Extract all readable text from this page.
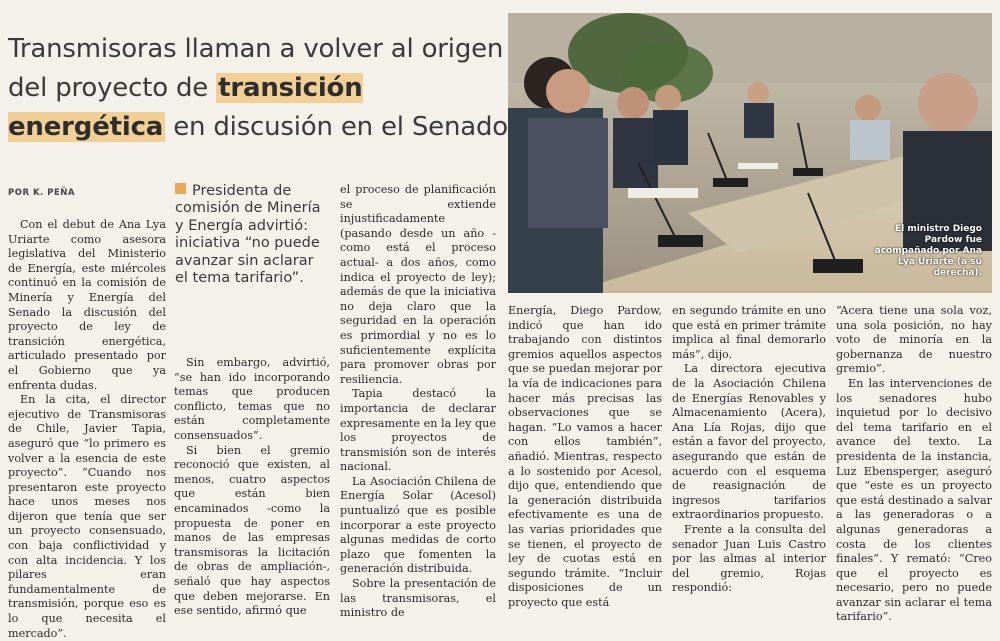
Transmisoras llaman a volver al origen del proyecto de transición energética en discusión en el Senado
El ministro Diego Pardow fue acompañado por Ana Lya Uriarte (a su derecha).
POR K. PEÑA

Con el debut de Ana Lya Uriarte como asesora legislativa del Ministerio de Energía, este miércoles continuó en la comisión de Minería y Energía del Senado la discusión del proyecto de ley de transición energética, articulado presentado por el Gobierno que ya enfrenta dudas.

En la cita, el director ejecutivo de Transmisoras de Chile, Javier Tapia, aseguró que “lo primero es volver a la esencia de este proyecto”. “Cuando nos presentaron este proyecto hace unos meses nos dijeron que tenía que ser un proyecto consensuado, con baja conflictividad y con alta incidencia. Y los pilares eran fundamentalmente de transmisión, porque eso es lo que necesita el mercado”.

Presidenta de comisión de Minería y Energía advirtió: iniciativa “no puede avanzar sin aclarar el tema tarifario”.

Sin embargo, advirtió, “se han ido incorporando temas que producen conflicto, temas que no están completamente consensuados”.

Si bien el gremio reconoció que existen, al menos, cuatro aspectos que están bien encaminados -como la propuesta de poner en manos de las empresas transmisoras la licitación de obras de ampliación-, señaló que hay aspectos que deben mejorarse. En ese sentido, afirmó que

el proceso de planificación se extiende injustificadamente (pasando desde un año -como está el proceso actual- a dos años, como indica el proyecto de ley); además de que la iniciativa no deja claro que la seguridad en la operación es primordial y no es lo suficientemente explícita para promover obras por resiliencia.

Tapia destacó la importancia de declarar expresamente en la ley que los proyectos de transmisión son de interés nacional.

La Asociación Chilena de Energía Solar (Acesol) puntualizó que es posible incorporar a este proyecto algunas medidas de corto plazo que fomenten la generación distribuida.

Sobre la presentación de las transmisoras, el ministro de

Energía, Diego Pardow, indicó que han ido trabajando con distintos gremios aquellos aspectos que se puedan mejorar por la vía de indicaciones para hacer más precisas las observaciones que se hagan. “Lo vamos a hacer con ellos también”, añadió. Mientras, respecto a lo sostenido por Acesol, dijo que, entendiendo que la generación distribuida efectivamente es una de las varias prioridades que se tienen, el proyecto de ley de cuotas está en segundo trámite. “Incluir disposiciones de un proyecto que está

en segundo trámite en uno que está en primer trámite implica al final demorarlo más”, dijo.

La directora ejecutiva de la Asociación Chilena de Energías Renovables y Almacenamiento (Acera), Ana Lía Rojas, dijo que están a favor del proyecto, asegurando que están de acuerdo con el esquema de reasignación de ingresos tarifarios extraordinarios propuesto.

Frente a la consulta del senador Juan Luis Castro por las almas al interior del gremio, Rojas respondió:

“Acera tiene una sola voz, una sola posición, no hay voto de minoría en la gobernanza de nuestro gremio”.

En las intervenciones de los senadores hubo inquietud por lo decisivo del tema tarifario en el avance del texto. La presidenta de la instancia, Luz Ebensperger, aseguró que “este es un proyecto que está destinado a salvar a las generadoras o a algunas generadoras a costa de los clientes finales”. Y remató: “Creo que el proyecto es necesario, pero no puede avanzar sin aclarar el tema tarifario”.
